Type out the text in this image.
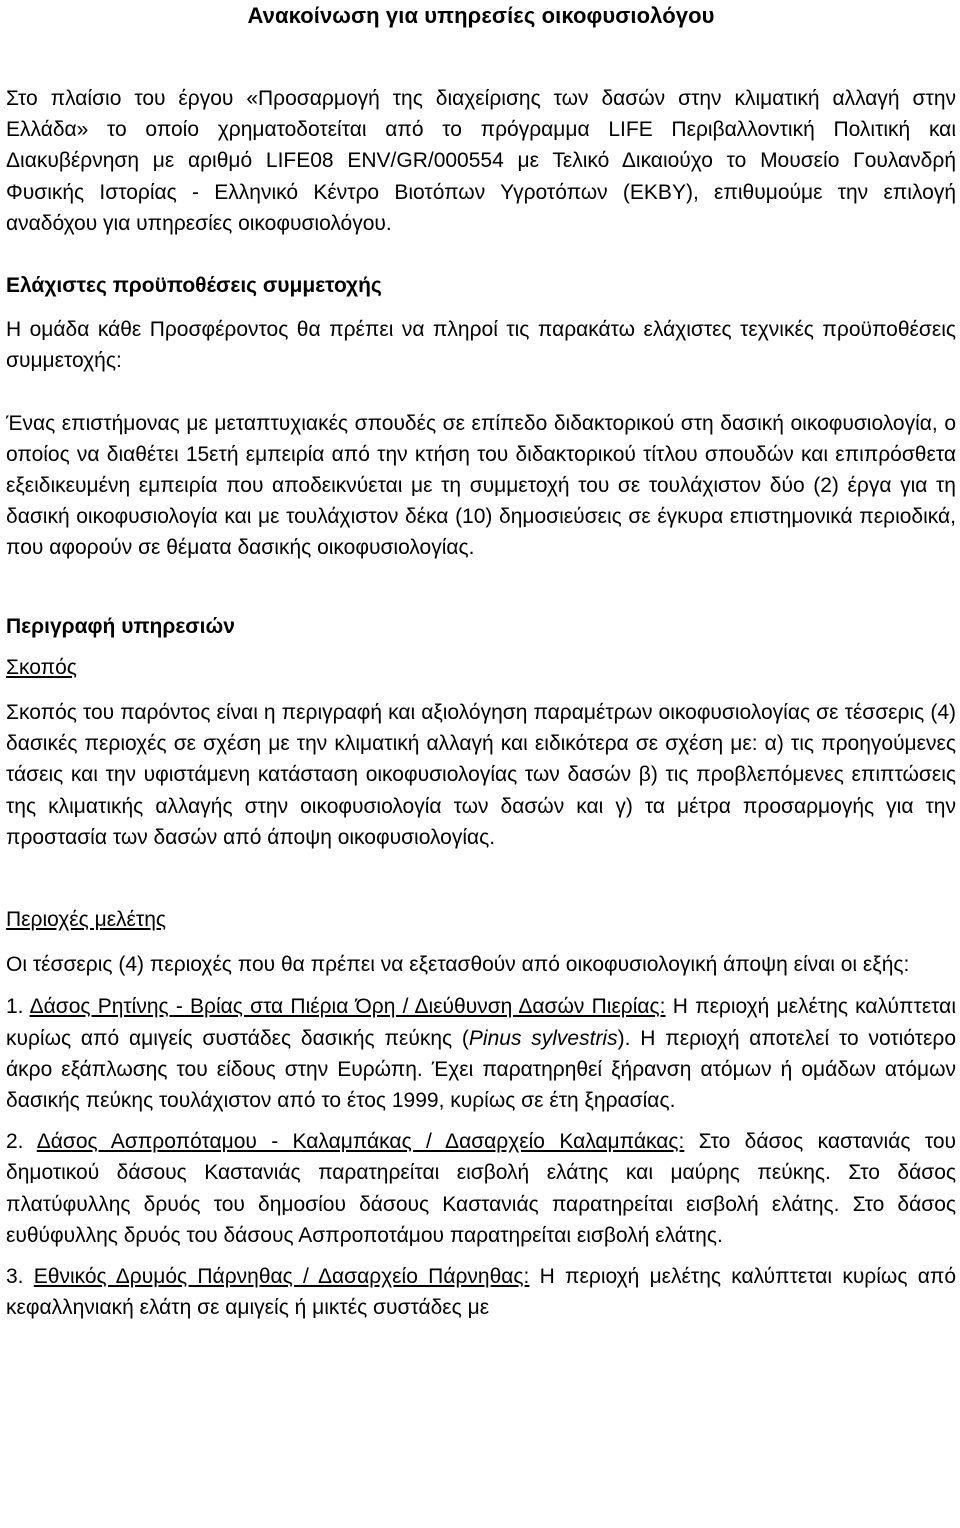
Ανακοίνωση για υπηρεσίες οικοφυσιολόγου

Στο πλαίσιο του έργου «Προσαρμογή της διαχείρισης των δασών στην κλιματική αλλαγή στην Ελλάδα» το οποίο χρηματοδοτείται από το πρόγραμμα LIFE Περιβαλλοντική Πολιτική και Διακυβέρνηση με αριθμό LIFE08 ENV/GR/000554 με Τελικό Δικαιούχο το Μουσείο Γουλανδρή Φυσικής Ιστορίας - Ελληνικό Κέντρο Βιοτόπων Υγροτόπων (ΕΚΒΥ), επιθυμούμε την επιλογή αναδόχου για υπηρεσίες οικοφυσιολόγου.

Ελάχιστες προϋποθέσεις συμμετοχής

Η ομάδα κάθε Προσφέροντος θα πρέπει να πληροί τις παρακάτω ελάχιστες τεχνικές προϋποθέσεις συμμετοχής:

Ένας επιστήμονας με μεταπτυχιακές σπουδές σε επίπεδο διδακτορικού στη δασική οικοφυσιολογία, ο οποίος να διαθέτει 15ετή εμπειρία από την κτήση του διδακτορικού τίτλου σπουδών και επιπρόσθετα εξειδικευμένη εμπειρία που αποδεικνύεται με τη συμμετοχή του σε τουλάχιστον δύο (2) έργα για τη δασική οικοφυσιολογία και με τουλάχιστον δέκα (10) δημοσιεύσεις σε έγκυρα επιστημονικά περιοδικά, που αφορούν σε θέματα δασικής οικοφυσιολογίας.

Περιγραφή υπηρεσιών
Σκοπός

Σκοπός του παρόντος είναι η περιγραφή και αξιολόγηση παραμέτρων οικοφυσιολογίας σε τέσσερις (4) δασικές περιοχές σε σχέση με την κλιματική αλλαγή και ειδικότερα σε σχέση με: α) τις προηγούμενες τάσεις και την υφιστάμενη κατάσταση οικοφυσιολογίας των δασών β) τις προβλεπόμενες επιπτώσεις της κλιματικής αλλαγής στην οικοφυσιολογία των δασών και γ) τα μέτρα προσαρμογής για την προστασία των δασών από άποψη οικοφυσιολογίας.

Περιοχές μελέτης

Οι τέσσερις (4) περιοχές που θα πρέπει να εξετασθούν από οικοφυσιολογική άποψη είναι οι εξής:

1. Δάσος Ρητίνης - Βρίας στα Πιέρια Όρη / Διεύθυνση Δασών Πιερίας: Η περιοχή μελέτης καλύπτεται κυρίως από αμιγείς συστάδες δασικής πεύκης (Pinus sylvestris). Η περιοχή αποτελεί το νοτιότερο άκρο εξάπλωσης του είδους στην Ευρώπη. Έχει παρατηρηθεί ξήρανση ατόμων ή ομάδων ατόμων δασικής πεύκης τουλάχιστον από το έτος 1999, κυρίως σε έτη ξηρασίας.

2. Δάσος Ασπροπόταμου - Καλαμπάκας / Δασαρχείο Καλαμπάκας: Στο δάσος καστανιάς του δημοτικού δάσους Καστανιάς παρατηρείται εισβολή ελάτης και μαύρης πεύκης. Στο δάσος πλατύφυλλης δρυός του δημοσίου δάσους Καστανιάς παρατηρείται εισβολή ελάτης. Στο δάσος ευθύφυλλης δρυός του δάσους Ασπροποτάμου παρατηρείται εισβολή ελάτης.

3. Εθνικός Δρυμός Πάρνηθας / Δασαρχείο Πάρνηθας: Η περιοχή μελέτης καλύπτεται κυρίως από κεφαλληνιακή ελάτη σε αμιγείς ή μικτές συστάδες με
